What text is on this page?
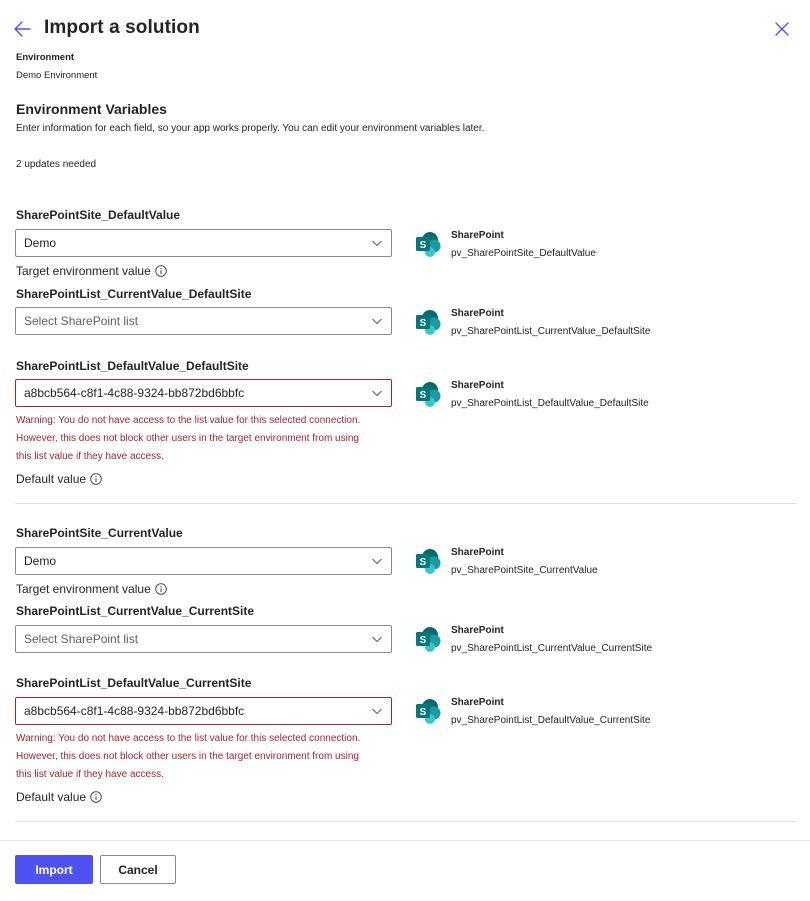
Import a solution
Environment
Demo Environment
Environment Variables
Enter information for each field, so your app works properly. You can edit your environment variables later.
2 updates needed
SharePointSite_DefaultValue
Demo
Target environment value
S
SharePoint
pv_SharePointSite_DefaultValue
SharePointList_CurrentValue_DefaultSite
Select SharePoint list	S
SharePoint
pv_SharePointList_CurrentValue_DefaultSite
SharePointList_DefaultValue_DefaultSite
a8bcb564-c8f1-4c88-9324-bb872bd6bbfc
Warning: You do not have access to the list value for this selected connection.
However, this does not block other users in the target environment from using
this list value if they have access.
Default value
S
SharePoint
pv_SharePointList_DefaultValue_DefaultSite
SharePointSite_CurrentValue
Demo
Target environment value
S
SharePoint
pv_SharePointSite_CurrentValue
SharePointList_CurrentValue_CurrentSite
Select SharePoint list	S
SharePoint
pv_SharePointList_CurrentValue_CurrentSite
SharePointList_DefaultValue_CurrentSite
a8bcb564-c8f1-4c88-9324-bb872bd6bbfc
Warning: You do not have access to the list value for this selected connection.
However, this does not block other users in the target environment from using
this list value if they have access.
Default value
S
SharePoint
pv_SharePointList_DefaultValue_CurrentSite
Import	Cancel
